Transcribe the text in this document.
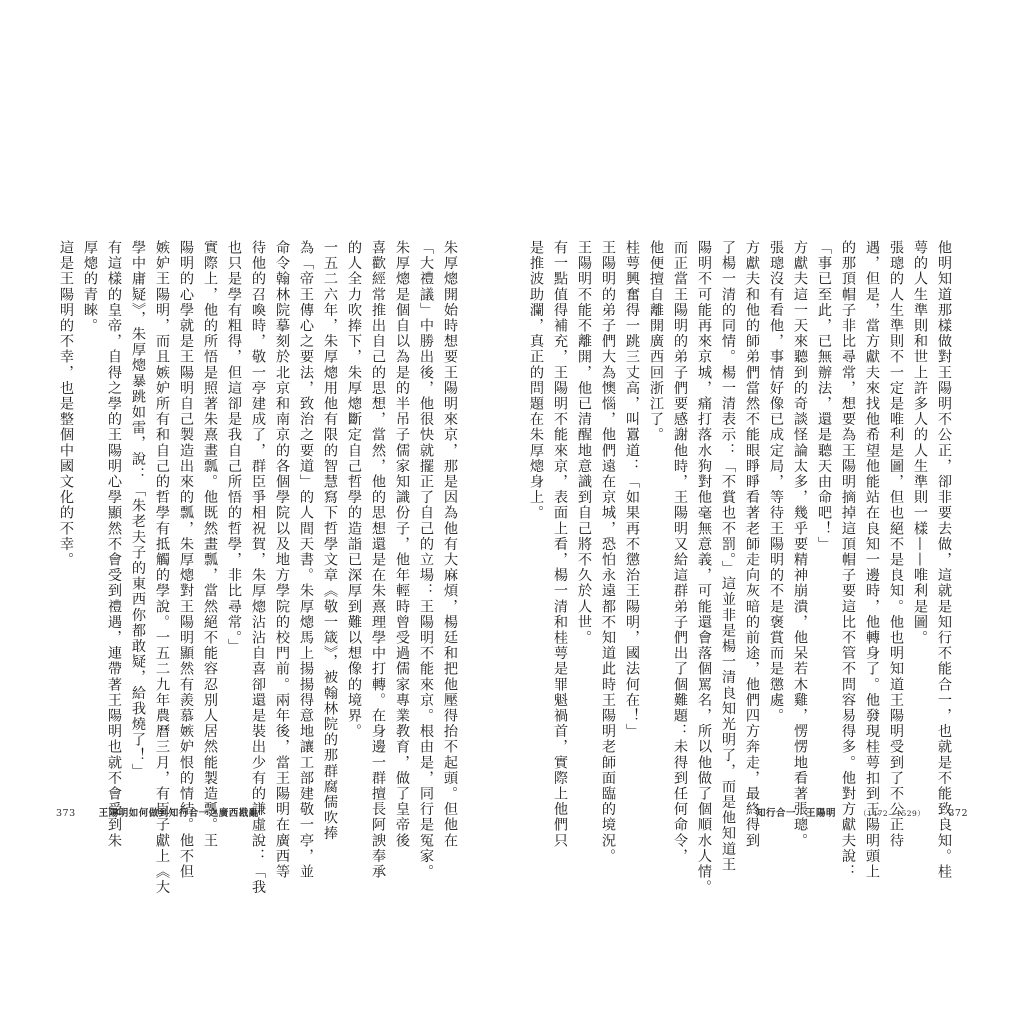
他明知道那樣做對王陽明不公正，卻非要去做，這就是知行不能合一，也就是不能致良知。桂
萼的人生準則和世上許多人的人生準則一樣——唯利是圖。
張璁的人生準則不一定是唯利是圖，但也絕不是良知。他也明知道王陽明受到了不公正待
遇，但是，當方獻夫來找他希望他能站在良知一邊時，他轉身了。他發現桂萼扣到王陽明頭上
的那頂帽子非比尋常，想要為王陽明摘掉這頂帽子要這比不管不問容易得多。他對方獻夫說：
「事已至此，已無辦法，還是聽天由命吧！」
方獻夫這一天來聽到的奇談怪論太多，幾乎要精神崩潰，他呆若木雞，愣愣地看著張璁。
張璁沒有看他，事情好像已成定局，等待王陽明的不是褒賞而是懲處。
方獻夫和他的師弟們當然不能眼睜睜看著老師走向灰暗的前途，他們四方奔走，最終得到
了楊一清的同情。楊一清表示：「不賞也不罰。」這並非是楊一清良知光明了，而是他知道王
陽明不可能再來京城，痛打落水狗對他毫無意義，可能還會落個罵名，所以他做了個順水人情。
而正當王陽明的弟子們要感謝他時，王陽明又給這群弟子們出了個難題：未得到任何命令，
他便擅自離開廣西回浙江了。
桂萼興奮得一跳三丈高，叫囂道：「如果再不懲治王陽明，國法何在！」
王陽明的弟子們大為懊惱，他們遠在京城，恐怕永遠都不知道此時王陽明老師面臨的境況。
王陽明不能不離開，他已清醒地意識到自己將不久於人世。
有一點值得補充，王陽明不能來京，表面上看，楊一清和桂萼是罪魁禍首，實際上他們只
是推波助瀾，真正的問題在朱厚熜身上。
知行合一　王陽明	（1472—1529） 372
朱厚熜開始時想要王陽明來京，那是因為他有大麻煩，楊廷和把他壓得抬不起頭。但他在
「大禮議」中勝出後，他很快就擺正了自己的立場：王陽明不能來京。根由是，同行是冤家。
朱厚熜是個自以為是的半吊子儒家知識份子，他年輕時曾受過儒家專業教育，做了皇帝後
喜歡經常推出自己的思想，當然，他的思想還是在朱熹理學中打轉。在身邊一群擅長阿諛奉承
的人全力吹捧下，朱厚熜斷定自己哲學的造詣已深厚到難以想像的境界。
一五二六年，朱厚熜用他有限的智慧寫下哲學文章《敬一箴》，被翰林院的那群腐儒吹捧
為「帝王傳心之要法，致治之要道」的人間天書。朱厚熜馬上揚揚得意地讓工部建敬一亭，並
命令翰林院摹刻於北京和南京的各個學院以及地方學院的校門前。兩年後，當王陽明在廣西等
待他的召喚時，敬一亭建成了，群臣爭相祝賀，朱厚熜沾沾自喜卻還是裝出少有的謙虛說：「我
也只是學有粗得，但這卻是我自己所悟的哲學，非比尋常。」
實際上，他的所悟是照著朱熹畫瓢。他既然畫瓢，當然絕不能容忍別人居然能製造瓢。王
陽明的心學就是王陽明自己製造出來的瓢，朱厚熜對王陽明顯然有羨慕嫉妒恨的情結。他不但
嫉妒王陽明，而且嫉妒所有和自己的哲學有抵觸的學說。一五二九年農曆三月，有臣子獻上《大
學中庸疑》，朱厚熜暴跳如雷，說：「朱老夫子的東西你都敢疑，給我燒了！」
有這樣的皇帝，自得之學的王陽明心學顯然不會受到禮遇，連帶著王陽明也就不會受到朱
厚熜的青睞。
這是王陽明的不幸，也是整個中國文化的不幸。
373 王陽明如何做到知行合一之廣西戡亂
